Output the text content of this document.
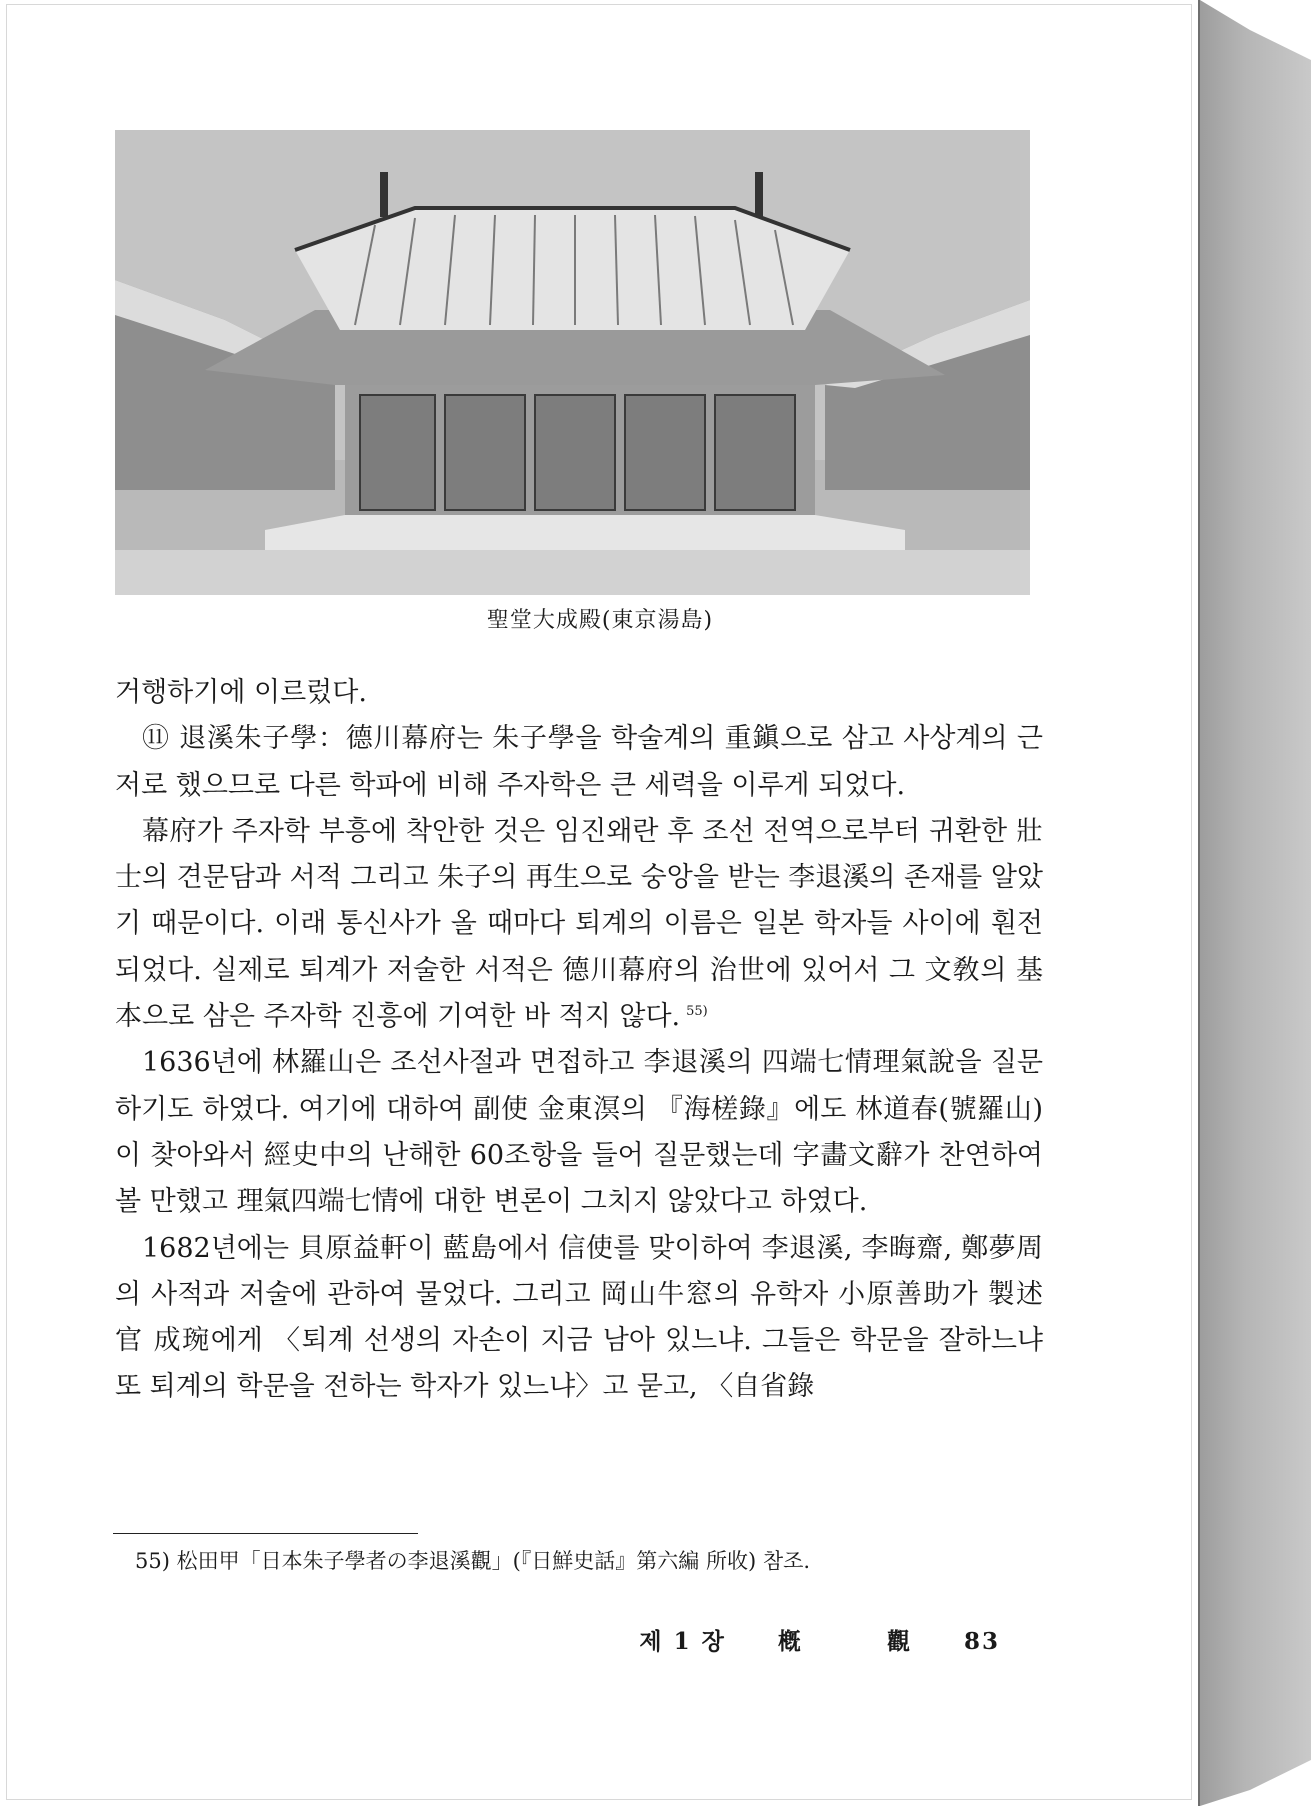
聖堂大成殿(東京湯島)

거행하기에 이르렀다.

⑪ 退溪朱子學：德川幕府는 朱子學을 학술계의 重鎭으로 삼고 사상계의 근저로 했으므로 다른 학파에 비해 주자학은 큰 세력을 이루게 되었다.

幕府가 주자학 부흥에 착안한 것은 임진왜란 후 조선 전역으로부터 귀환한 壯士의 견문담과 서적 그리고 朱子의 再生으로 숭앙을 받는 李退溪의 존재를 알았기 때문이다. 이래 통신사가 올 때마다 퇴계의 이름은 일본 학자들 사이에 훤전되었다. 실제로 퇴계가 저술한 서적은 德川幕府의 治世에 있어서 그 文敎의 基本으로 삼은 주자학 진흥에 기여한 바 적지 않다. $^{55)}$

1636년에 林羅山은 조선사절과 면접하고 李退溪의 四端七情理氣說을 질문하기도 하였다. 여기에 대하여 副使 金東溟의 『海槎錄』에도 林道春(號羅山)이 찾아와서 經史中의 난해한 60조항을 들어 질문했는데 字畵文辭가 찬연하여 볼 만했고 理氣四端七情에 대한 변론이 그치지 않았다고 하였다.

1682년에는 貝原益軒이 藍島에서 信使를 맞이하여 李退溪, 李晦齋, 鄭夢周의 사적과 저술에 관하여 물었다. 그리고 岡山牛窓의 유학자 小原善助가 製述官 成琬에게 〈퇴계 선생의 자손이 지금 남아 있느냐. 그들은 학문을 잘하느냐 또 퇴계의 학문을 전하는 학자가 있느냐〉고 묻고, 〈自省錄

55) 松田甲「日本朱子學者の李退溪觀」(『日鮮史話』第六編 所收) 참조.
제 1 장 槪	觀 83
